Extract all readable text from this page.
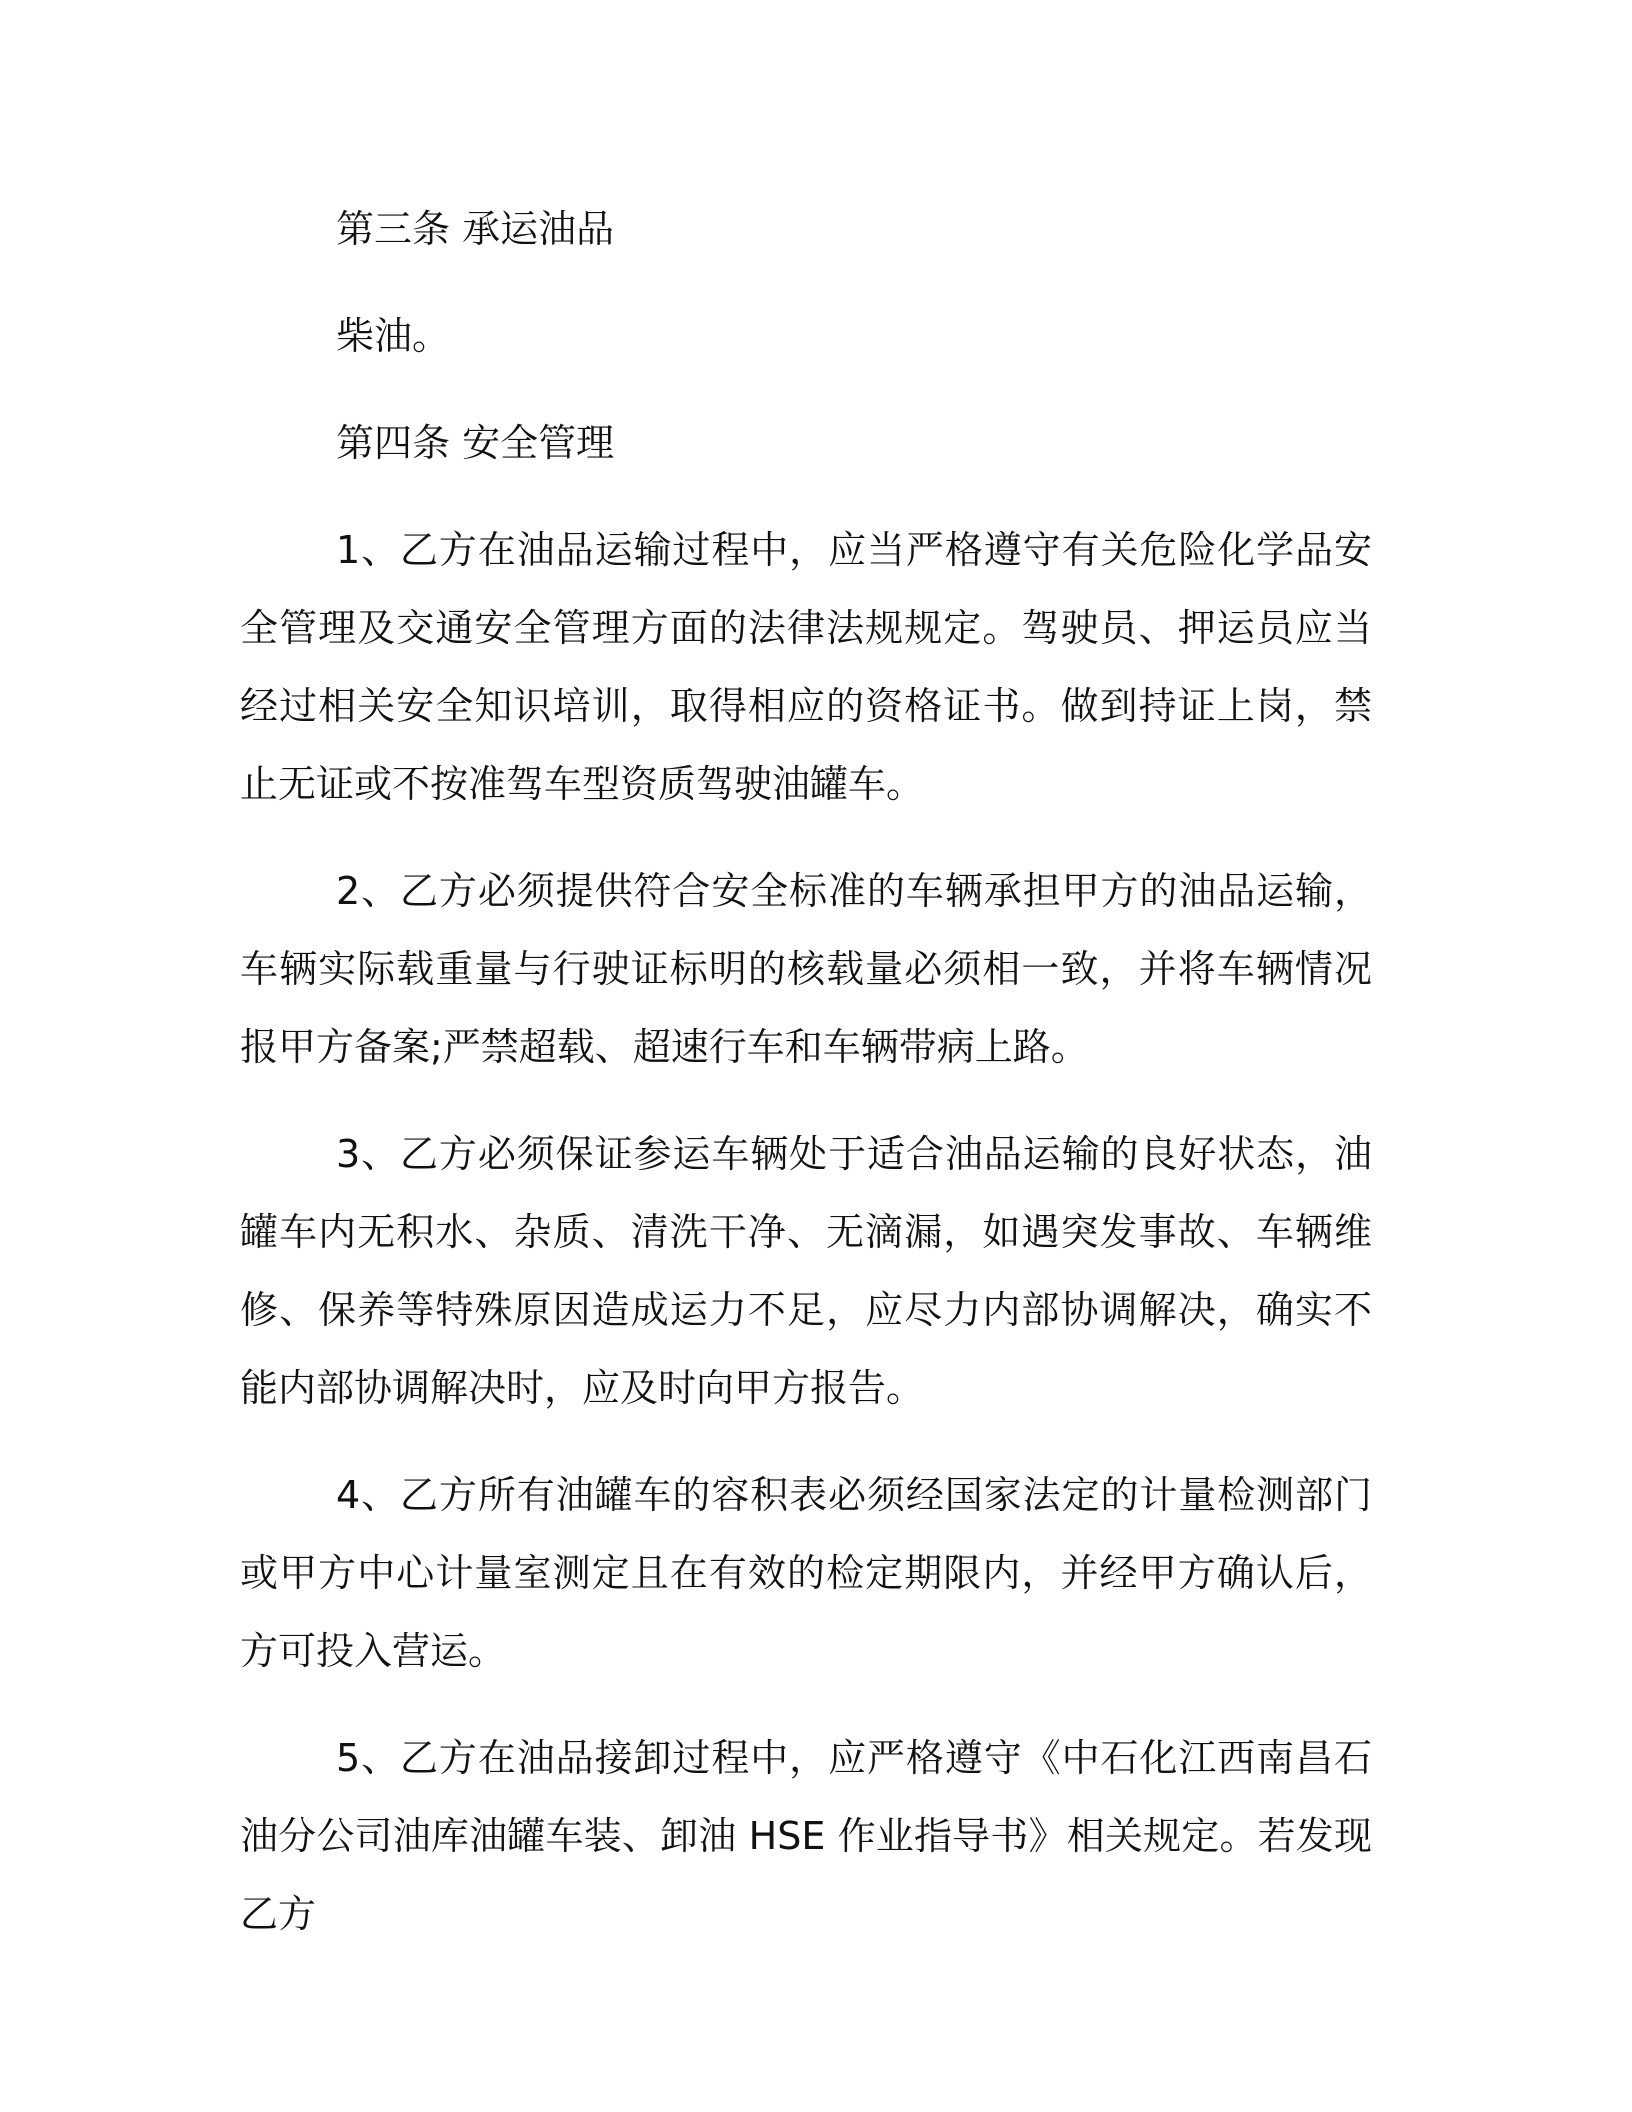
第三条 承运油品

柴油。

第四条 安全管理

1、乙方在油品运输过程中，应当严格遵守有关危险化学品安全管理及交通安全管理方面的法律法规规定。驾驶员、押运员应当经过相关安全知识培训，取得相应的资格证书。做到持证上岗，禁止无证或不按准驾车型资质驾驶油罐车。

2、乙方必须提供符合安全标准的车辆承担甲方的油品运输，车辆实际载重量与行驶证标明的核载量必须相一致，并将车辆情况报甲方备案;严禁超载、超速行车和车辆带病上路。

3、乙方必须保证参运车辆处于适合油品运输的良好状态，油罐车内无积水、杂质、清洗干净、无滴漏，如遇突发事故、车辆维修、保养等特殊原因造成运力不足，应尽力内部协调解决，确实不能内部协调解决时，应及时向甲方报告。

4、乙方所有油罐车的容积表必须经国家法定的计量检测部门或甲方中心计量室测定且在有效的检定期限内，并经甲方确认后，方可投入营运。

5、乙方在油品接卸过程中，应严格遵守《中石化江西南昌石油分公司油库油罐车装、卸油 HSE 作业指导书》相关规定。若发现乙方
